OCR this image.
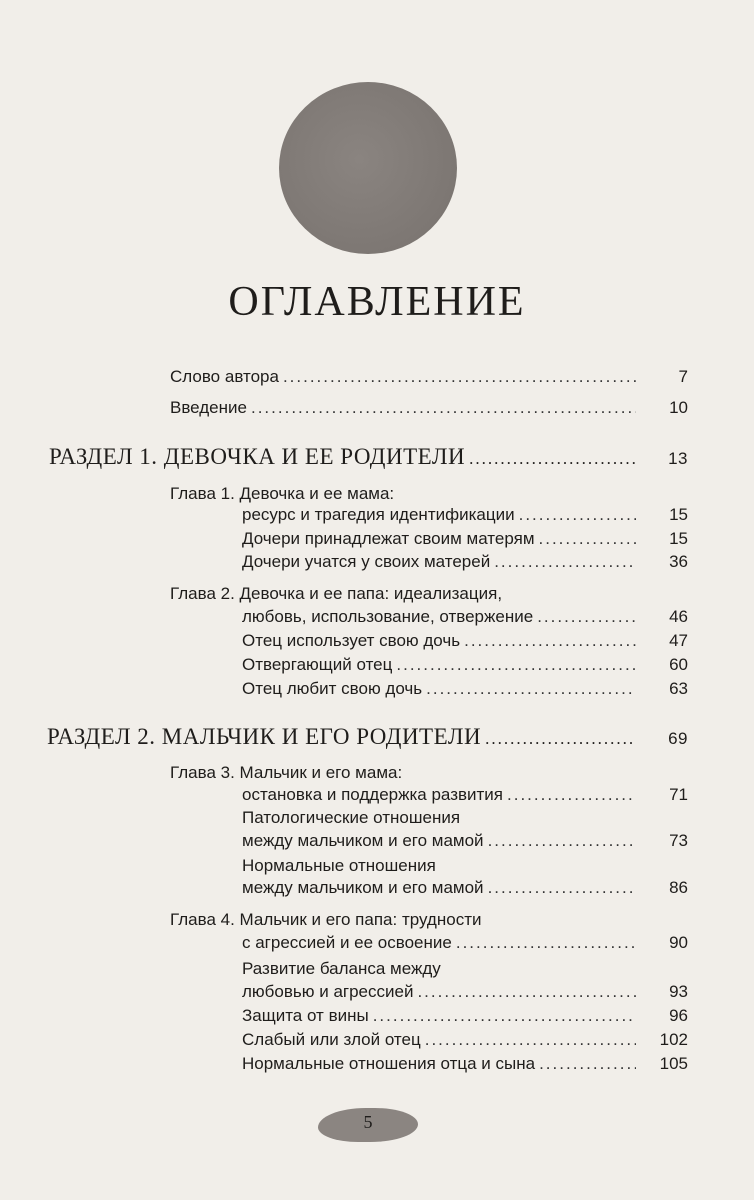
ОГЛАВЛЕНИЕ
Слово автора .....	7
Введение .....	10
РАЗДЕЛ 1. ДЕВОЧКА И ЕЕ РОДИТЕЛИ .....	13
Глава 1. Девочка и ее мама:
ресурс и трагедия идентификации .....	15
Дочери принадлежат своим матерям .....	15
Дочери учатся у своих матерей .....	36
Глава 2. Девочка и ее папа: идеализация,
любовь, использование, отвержение .....	46
Отец использует свою дочь .....	47
Отвергающий отец .....	60
Отец любит свою дочь .....	63
РАЗДЕЛ 2. МАЛЬЧИК И ЕГО РОДИТЕЛИ .....	69
Глава 3. Мальчик и его мама:
остановка и поддержка развития .....	71
Патологические отношения
между мальчиком и его мамой .....	73
Нормальные отношения
между мальчиком и его мамой .....	86
Глава 4. Мальчик и его папа: трудности
с агрессией и ее освоение .....	90
Развитие баланса между
любовью и агрессией .....	93
Защита от вины .....	96
Слабый или злой отец .....	102
Нормальные отношения отца и сына .....	105
5
